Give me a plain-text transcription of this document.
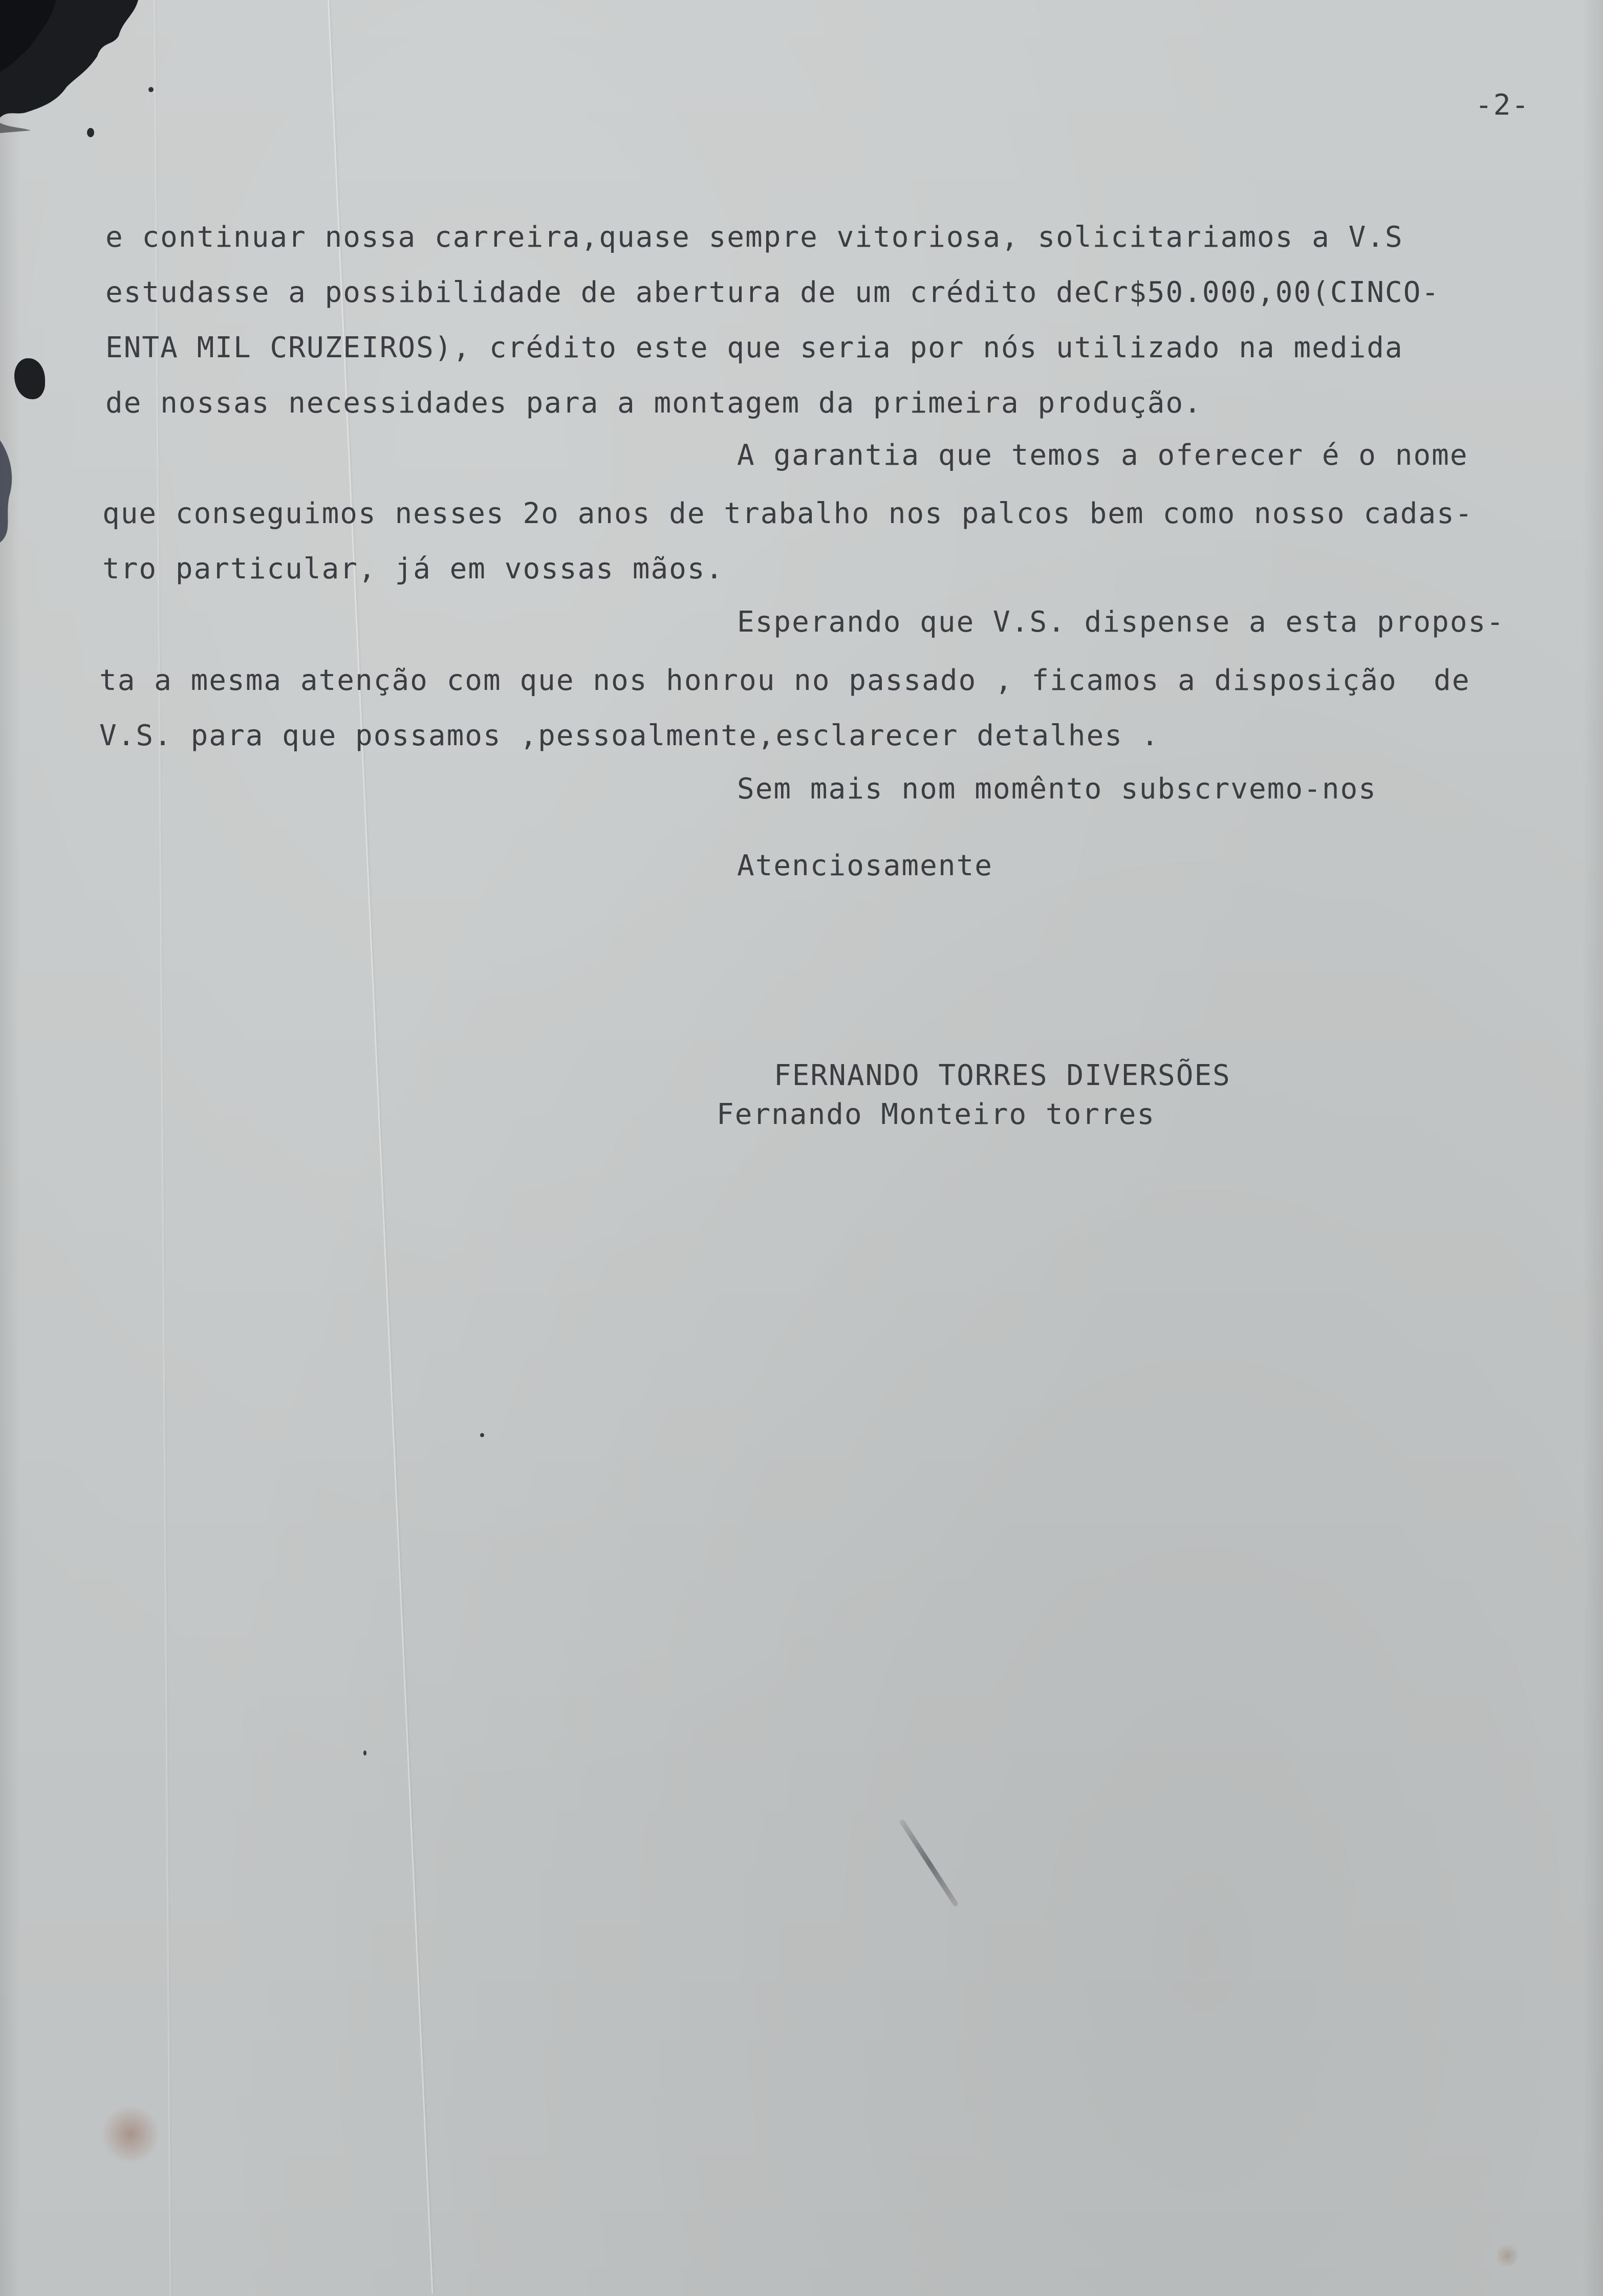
-2-
e continuar nossa carreira,quase sempre vitoriosa, solicitariamos a V.S
estudasse a possibilidade de abertura de um crédito deCr$50.000,00(CINCO-
ENTA MIL CRUZEIROS), crédito este que seria por nós utilizado na medida
de nossas necessidades para a montagem da primeira produção.
A garantia que temos a oferecer é o nome
que conseguimos nesses 2o anos de trabalho nos palcos bem como nosso cadas-
tro particular, já em vossas mãos.
Esperando que V.S. dispense a esta propos-
ta a mesma atenção com que nos honrou no passado , ficamos a disposição  de
V.S. para que possamos ,pessoalmente,esclarecer detalhes .
Sem mais nom momênto subscrvemo-nos
Atenciosamente
FERNANDO TORRES DIVERSÕES
Fernando Monteiro torres
